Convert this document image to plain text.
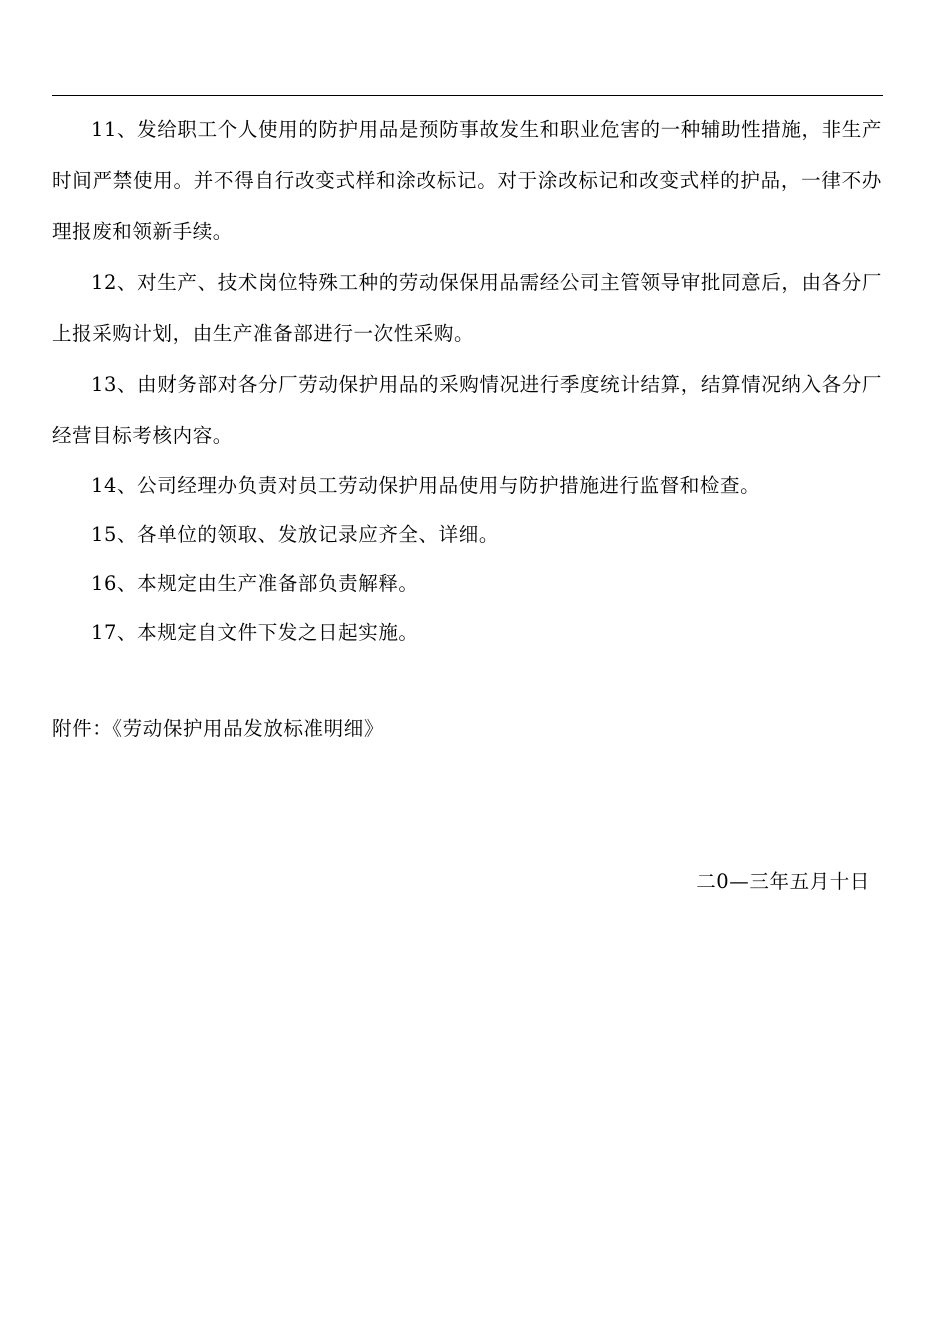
11、发给职工个人使用的防护用品是预防事故发生和职业危害的一种辅助性措施，非生产时间严禁使用。并不得自行改变式样和涂改标记。对于涂改标记和改变式样的护品，一律不办理报废和领新手续。

12、对生产、技术岗位特殊工种的劳动保保用品需经公司主管领导审批同意后，由各分厂上报采购计划，由生产准备部进行一次性采购。

13、由财务部对各分厂劳动保护用品的采购情况进行季度统计结算，结算情况纳入各分厂经营目标考核内容。

14、公司经理办负责对员工劳动保护用品使用与防护措施进行监督和检查。

15、各单位的领取、发放记录应齐全、详细。

16、本规定由生产准备部负责解释。

17、本规定自文件下发之日起实施。

附件：《劳动保护用品发放标准明细》
二0—三年五月十日
